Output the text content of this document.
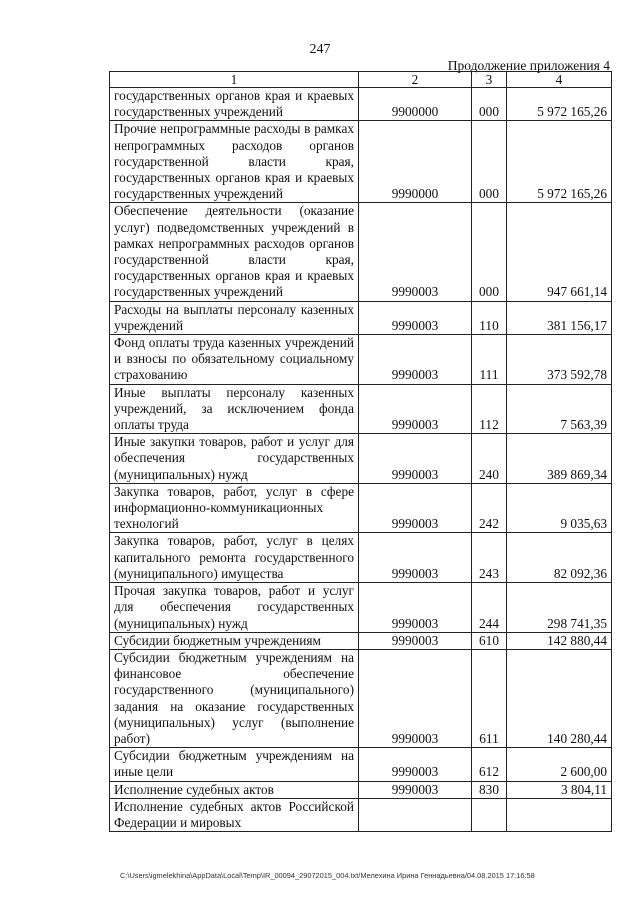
247
Продолжение приложения 4
1	2	3	4
государственных органов края и краевых государственных учреждений	9900000	000	5 972 165,26
Прочие непрограммные расходы в рамках непрограммных расходов органов государственной власти края, государственных органов края и краевых государственных учреждений	9990000	000	5 972 165,26
Обеспечение деятельности (оказание услуг) подведомственных учреждений в рамках непрограммных расходов органов государственной власти края, государственных органов края и краевых государственных учреждений	9990003	000	947 661,14
Расходы на выплаты персоналу казенных учреждений	9990003	110	381 156,17
Фонд оплаты труда казенных учреждений и взносы по обязательному социальному страхованию	9990003	111	373 592,78
Иные выплаты персоналу казенных учреждений, за исключением фонда оплаты труда	9990003	112	7 563,39
Иные закупки товаров, работ и услуг для обеспечения государственных (муниципальных) нужд	9990003	240	389 869,34
Закупка товаров, работ, услуг в сфере информационно-коммуникационных технологий	9990003	242	9 035,63
Закупка товаров, работ, услуг в целях капитального ремонта государственного (муниципального) имущества	9990003	243	82 092,36
Прочая закупка товаров, работ и услуг для обеспечения государственных (муниципальных) нужд	9990003	244	298 741,35
Субсидии бюджетным учреждениям	9990003	610	142 880,44
Субсидии бюджетным учреждениям на финансовое обеспечение государственного (муниципального) задания на оказание государственных (муниципальных) услуг (выполнение работ)	9990003	611	140 280,44
Субсидии бюджетным учреждениям на иные цели	9990003	612	2 600,00
Исполнение судебных актов	9990003	830	3 804,11
Исполнение судебных актов Российской Федерации и мировых			
C:\Users\igmelekhina\AppData\Local\Temp\IR_00094_29072015_004.txt/Мелехина Ирина Геннадьевна/04.08.2015 17:16:58
